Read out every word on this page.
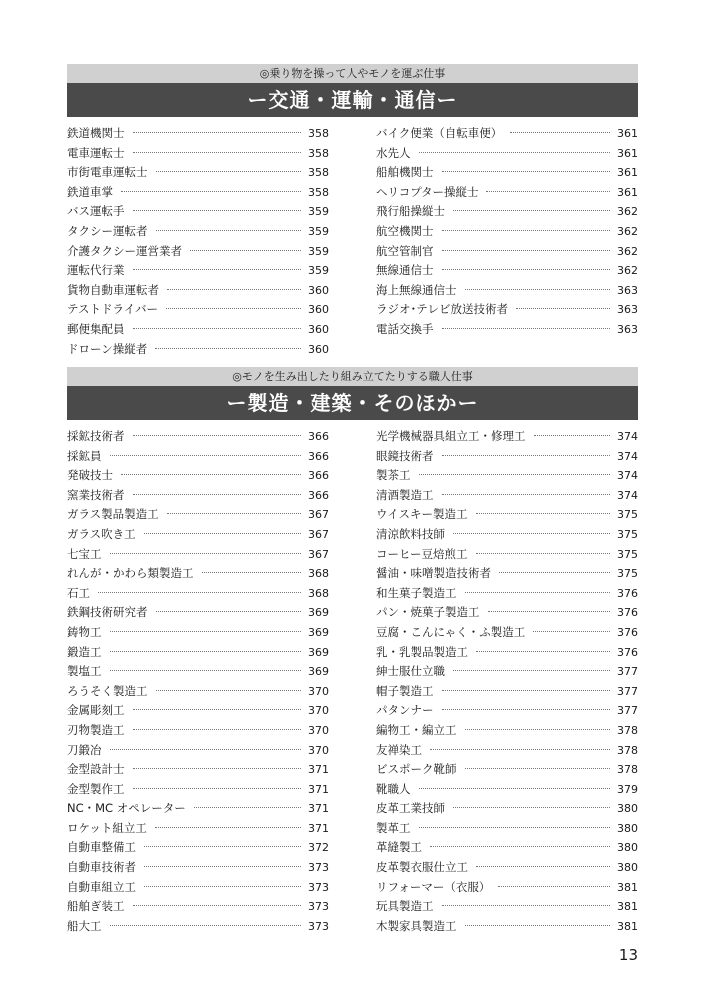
◎乗り物を操って人やモノを運ぶ仕事
ー交通・運輸・通信ー
鉄道機関士	358
電車運転士	358
市街電車運転士	358
鉄道車掌	358
バス運転手	359
タクシー運転者	359
介護タクシー運営業者	359
運転代行業	359
貨物自動車運転者	360
テストドライバー	360
郵便集配員	360
ドローン操縦者	360
バイク便業（自転車便）	361
水先人	361
船舶機関士	361
ヘリコプター操縦士	361
飛行船操縦士	362
航空機関士	362
航空管制官	362
無線通信士	362
海上無線通信士	363
ラジオ･テレビ放送技術者	363
電話交換手	363
◎モノを生み出したり組み立てたりする職人仕事
ー製造・建築・そのほかー
採鉱技術者	366
採鉱員	366
発破技士	366
窯業技術者	366
ガラス製品製造工	367
ガラス吹き工	367
七宝工	367
れんが・かわら類製造工	368
石工	368
鉄鋼技術研究者	369
鋳物工	369
鍛造工	369
製塩工	369
ろうそく製造工	370
金属彫刻工	370
刃物製造工	370
刀鍛冶	370
金型設計士	371
金型製作工	371
NC・MC オペレーター	371
ロケット組立工	371
自動車整備工	372
自動車技術者	373
自動車組立工	373
船舶ぎ装工	373
船大工	373
光学機械器具組立工・修理工	374
眼鏡技術者	374
製茶工	374
清酒製造工	374
ウイスキー製造工	375
清涼飲料技師	375
コーヒー豆焙煎工	375
醤油・味噌製造技術者	375
和生菓子製造工	376
パン・焼菓子製造工	376
豆腐・こんにゃく・ふ製造工	376
乳・乳製品製造工	376
紳士服仕立職	377
帽子製造工	377
パタンナー	377
編物工・編立工	378
友禅染工	378
ビスポーク靴師	378
靴職人	379
皮革工業技師	380
製革工	380
革縫製工	380
皮革製衣服仕立工	380
リフォーマー（衣服）	381
玩具製造工	381
木製家具製造工	381
13
